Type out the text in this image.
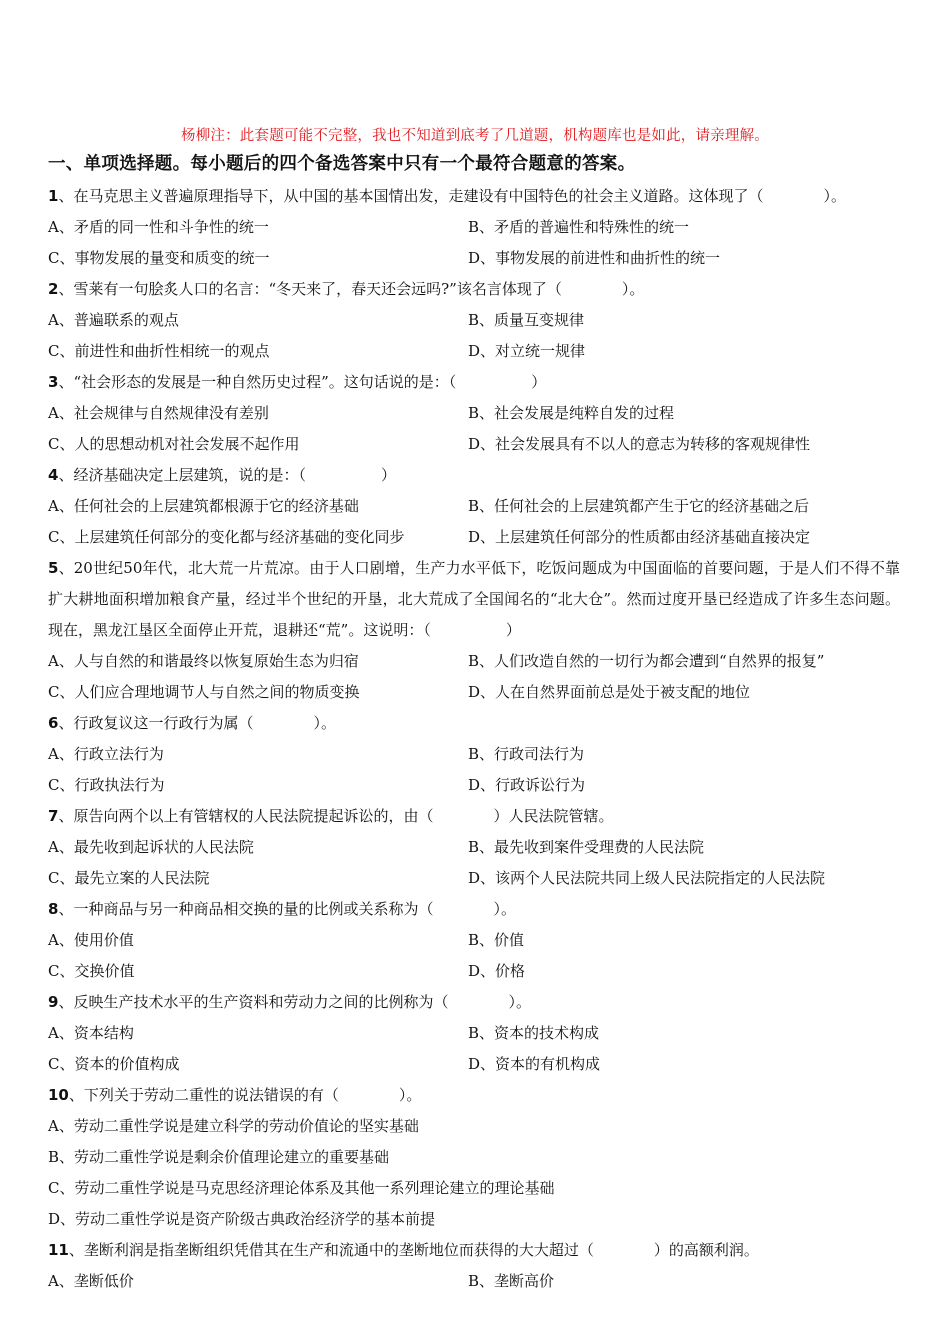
杨柳注：此套题可能不完整，我也不知道到底考了几道题，机构题库也是如此，请亲理解。
一、单项选择题。每小题后的四个备选答案中只有一个最符合题意的答案。
1、在马克思主义普遍原理指导下，从中国的基本国情出发，走建设有中国特色的社会主义道路。这体现了（　　　　）。
A、矛盾的同一性和斗争性的统一	B、矛盾的普遍性和特殊性的统一
C、事物发展的量变和质变的统一	D、事物发展的前进性和曲折性的统一
2、雪莱有一句脍炙人口的名言：“冬天来了，春天还会远吗?”该名言体现了（　　　　）。
A、普遍联系的观点	B、质量互变规律
C、前进性和曲折性相统一的观点	D、对立统一规律
3、“社会形态的发展是一种自然历史过程”。这句话说的是：（　　　　　）
A、社会规律与自然规律没有差别	B、社会发展是纯粹自发的过程
C、人的思想动机对社会发展不起作用	D、社会发展具有不以人的意志为转移的客观规律性
4、经济基础决定上层建筑，说的是：（　　　　　）
A、任何社会的上层建筑都根源于它的经济基础	B、任何社会的上层建筑都产生于它的经济基础之后
C、上层建筑任何部分的变化都与经济基础的变化同步	D、上层建筑任何部分的性质都由经济基础直接决定
5、20世纪50年代，北大荒一片荒凉。由于人口剧增，生产力水平低下，吃饭问题成为中国面临的首要问题，于是人们不得不靠扩大耕地面积增加粮食产量，经过半个世纪的开垦，北大荒成了全国闻名的“北大仓”。然而过度开垦已经造成了许多生态问题。现在，黑龙江垦区全面停止开荒，退耕还“荒”。这说明：（　　　　　）
A、人与自然的和谐最终以恢复原始生态为归宿	B、人们改造自然的一切行为都会遭到“自然界的报复”
C、人们应合理地调节人与自然之间的物质变换	D、人在自然界面前总是处于被支配的地位
6、行政复议这一行政行为属（　　　　）。
A、行政立法行为	B、行政司法行为
C、行政执法行为	D、行政诉讼行为
7、原告向两个以上有管辖权的人民法院提起诉讼的，由（　　　　）人民法院管辖。
A、最先收到起诉状的人民法院	B、最先收到案件受理费的人民法院
C、最先立案的人民法院	D、该两个人民法院共同上级人民法院指定的人民法院
8、一种商品与另一种商品相交换的量的比例或关系称为（　　　　）。
A、使用价值	B、价值
C、交换价值	D、价格
9、反映生产技术水平的生产资料和劳动力之间的比例称为（　　　　）。
A、资本结构	B、资本的技术构成
C、资本的价值构成	D、资本的有机构成
10、下列关于劳动二重性的说法错误的有（　　　　）。
A、劳动二重性学说是建立科学的劳动价值论的坚实基础
B、劳动二重性学说是剩余价值理论建立的重要基础
C、劳动二重性学说是马克思经济理论体系及其他一系列理论建立的理论基础
D、劳动二重性学说是资产阶级古典政治经济学的基本前提
11、垄断利润是指垄断组织凭借其在生产和流通中的垄断地位而获得的大大超过（　　　　）的高额利润。
A、垄断低价	B、垄断高价
